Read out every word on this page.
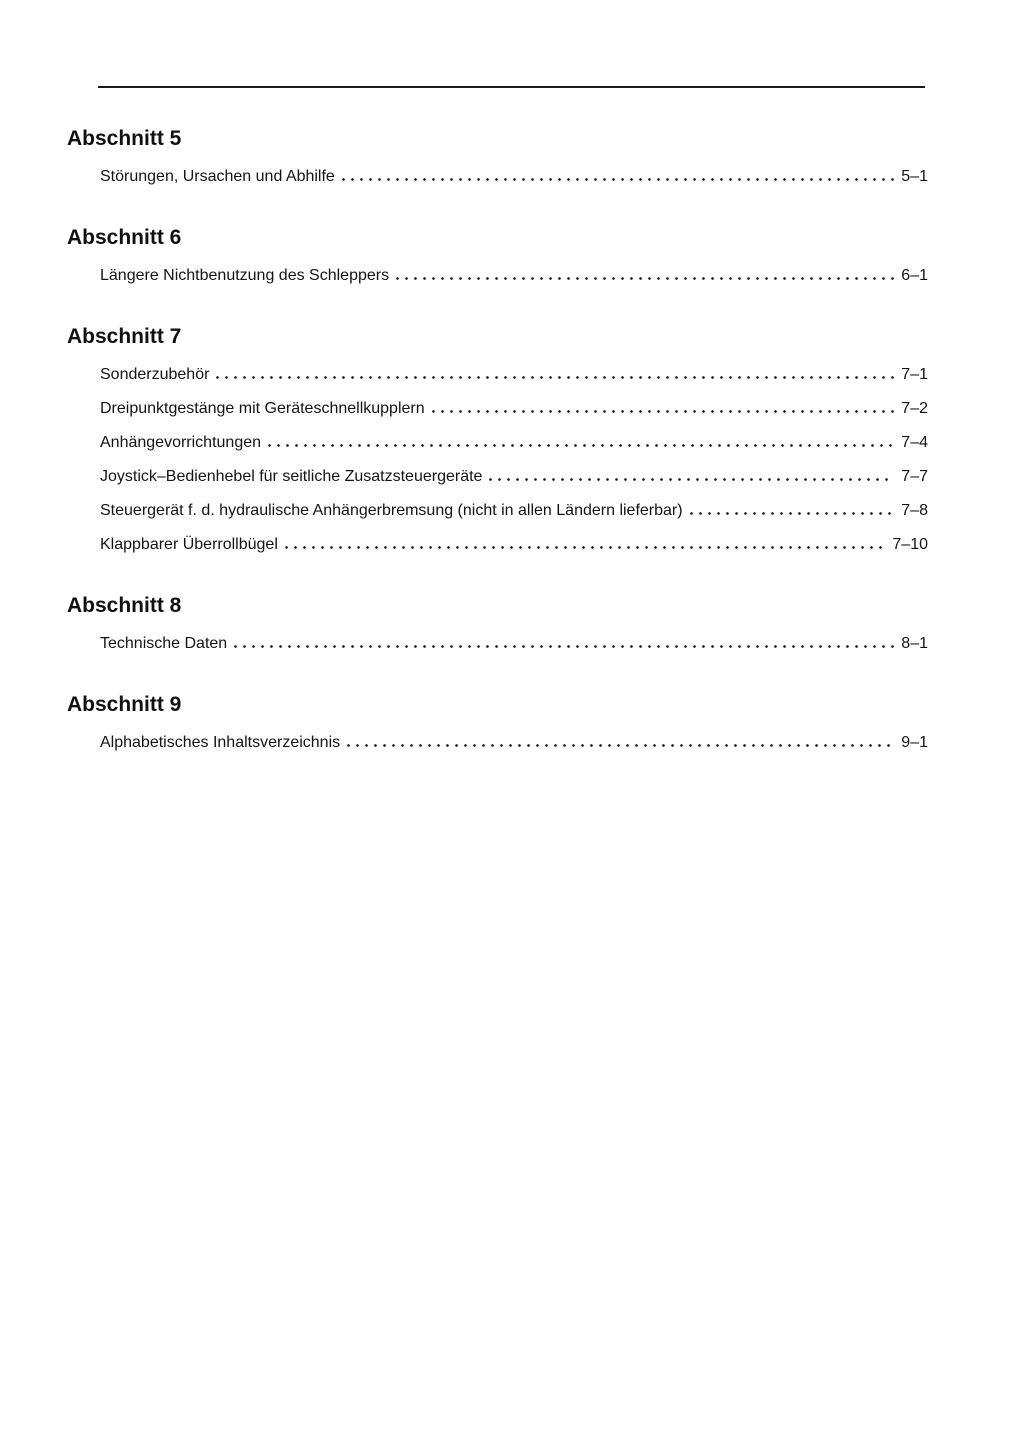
Abschnitt 5
Störungen, Ursachen und Abhilfe	5–1
Abschnitt 6
Längere Nichtbenutzung des Schleppers	6–1
Abschnitt 7
Sonderzubehör	7–1
Dreipunktgestänge mit Geräteschnellkupplern	7–2
Anhängevorrichtungen	7–4
Joystick–Bedienhebel für seitliche Zusatzsteuergeräte	7–7
Steuergerät f. d. hydraulische Anhängerbremsung (nicht in allen Ländern lieferbar)	7–8
Klappbarer Überrollbügel	7–10
Abschnitt 8
Technische Daten	8–1
Abschnitt 9
Alphabetisches Inhaltsverzeichnis	9–1
